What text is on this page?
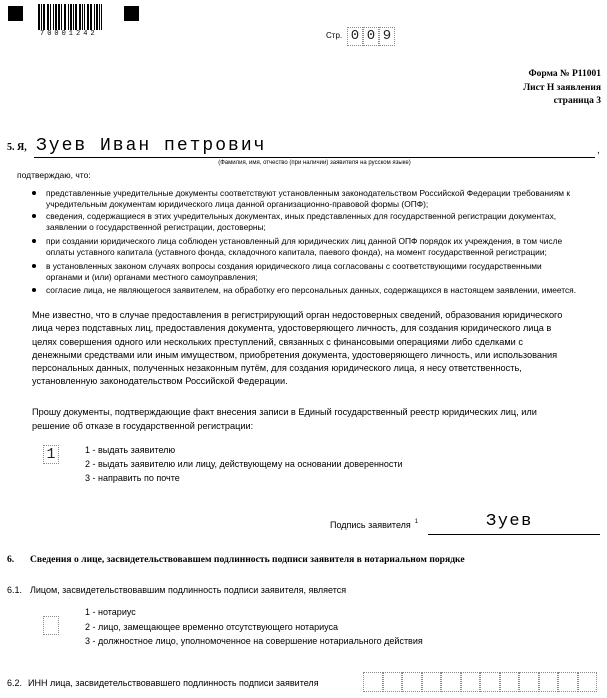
70001242	Стр. 0 0 9
Форма № Р11001
Лист Н заявления
страница 3
5. Я, Зуев Иван петрович	,
(Фамилия, имя, отчество (при наличии) заявителя на русском языке)
подтверждаю, что:
представленные учредительные документы соответствуют установленным законодательством Российской Федерации требованиям к
учредительным документам юридического лица данной организационно-правовой формы (ОПФ);
сведения, содержащиеся в этих учредительных документах, иных представленных для государственной регистрации документах,
заявлении о государственной регистрации, достоверны;
при создании юридического лица соблюден установленный для юридических лиц данной ОПФ порядок их учреждения, в том числе
оплаты уставного капитала (уставного фонда, складочного капитала, паевого фонда), на момент государственной регистрации;
в установленных законом случаях вопросы создания юридического лица согласованы с соответствующими государственными
органами и (или) органами местного самоуправления;
согласие лица, не являющегося заявителем, на обработку его персональных данных, содержащихся в настоящем заявлении, имеется.
Мне известно, что в случае предоставления в регистрирующий орган недостоверных сведений, образования юридического
лица через подставных лиц, предоставления документа, удостоверяющего личность, для создания юридического лица в
целях совершения одного или нескольких преступлений, связанных с финансовыми операциями либо сделками с
денежными средствами или иным имуществом, приобретения документа, удостоверяющего личность, или использования
персональных данных, полученных незаконным путём, для создания юридического лица, я несу ответственность,
установленную законодательством Российской Федерации.
Прошу документы, подтверждающие факт внесения записи в Единый государственный реестр юридических лиц, или
решение об отказе в государственной регистрации:
1	1 - выдать заявителю
2 - выдать заявителю или лицу, действующему на основании доверенности
3 - направить по почте
Подпись заявителя $^1$	Зуев
6. Сведения о лице, засвидетельствовавшем подлинность подписи заявителя в нотариальном порядке
6.1. Лицом, засвидетельствовавшим подлинность подписи заявителя, является
1 - нотариус
2 - лицо, замещающее временно отсутствующего нотариуса
3 - должностное лицо, уполномоченное на совершение нотариального действия
6.2. ИНН лица, засвидетельствовавшего подлинность подписи заявителя
